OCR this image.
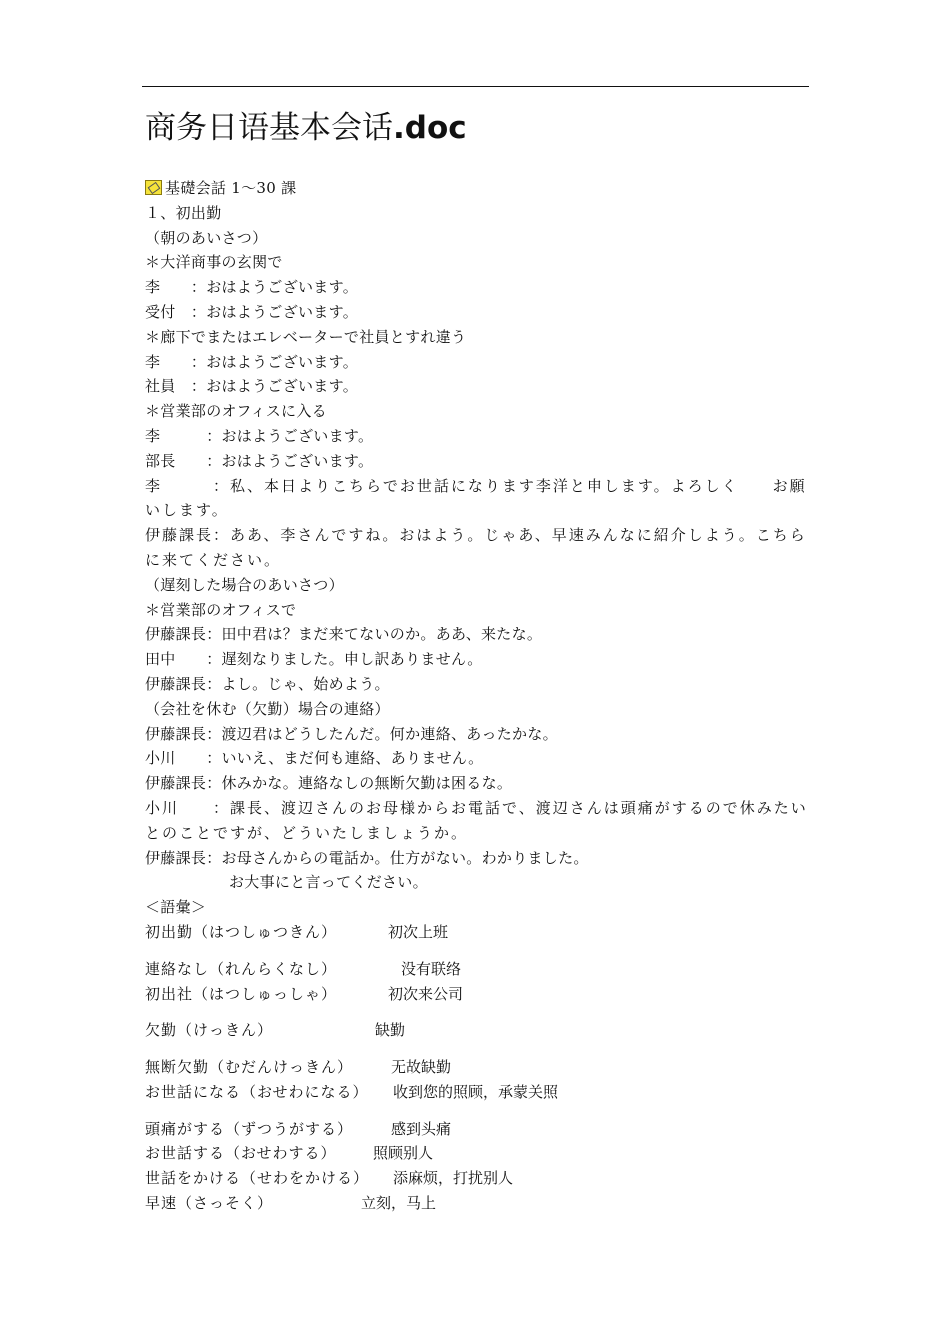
商务日语基本会话.doc
基礎会話 1～30 課
１、初出勤
（朝のあいさつ）
＊大洋商事の玄関で
李　　：おはようございます。
受付　：おはようございます。
＊廊下でまたはエレベーターで社員とすれ違う
李　　：おはようございます。
社員　：おはようございます。
＊営業部のオフィスに入る
李　　　：おはようございます。
部長　　：おはようございます。
李　　　：私、本日よりこちらでお世話になります李洋と申します。よろしく　　お願いします。
伊藤課長：ああ、李さんですね。おはよう。じゃあ、早速みんなに紹介しよう。こちらに来てください。
（遅刻した場合のあいさつ）
＊営業部のオフィスで
伊藤課長：田中君は？まだ来てないのか。ああ、来たな。
田中　　：遅刻なりました。申し訳ありません。
伊藤課長：よし。じゃ、始めよう。
（会社を休む（欠勤）場合の連絡）
伊藤課長：渡辺君はどうしたんだ。何か連絡、あったかな。
小川　　：いいえ、まだ何も連絡、ありません。
伊藤課長：休みかな。連絡なしの無断欠勤は困るな。
小川　　：課長、渡辺さんのお母様からお電話で、渡辺さんは頭痛がするので休みたいとのことですが、どういたしましょうか。
伊藤課長：お母さんからの電話か。仕方がない。わかりました。
お大事にと言ってください。
＜語彙＞
初出勤（はつしゅつきん）	初次上班
連絡なし（れんらくなし）	没有联络
初出社（はつしゅっしゃ）	初次来公司
欠勤（けっきん）	缺勤
無断欠勤（むだんけっきん）	无故缺勤
お世話になる（おせわになる） 收到您的照顾，承蒙关照
頭痛がする（ずつうがする）	感到头痛
お世話する（おせわする） 照顾别人
世話をかける（せわをかける） 添麻烦，打扰别人
早速（さっそく）	立刻，马上
